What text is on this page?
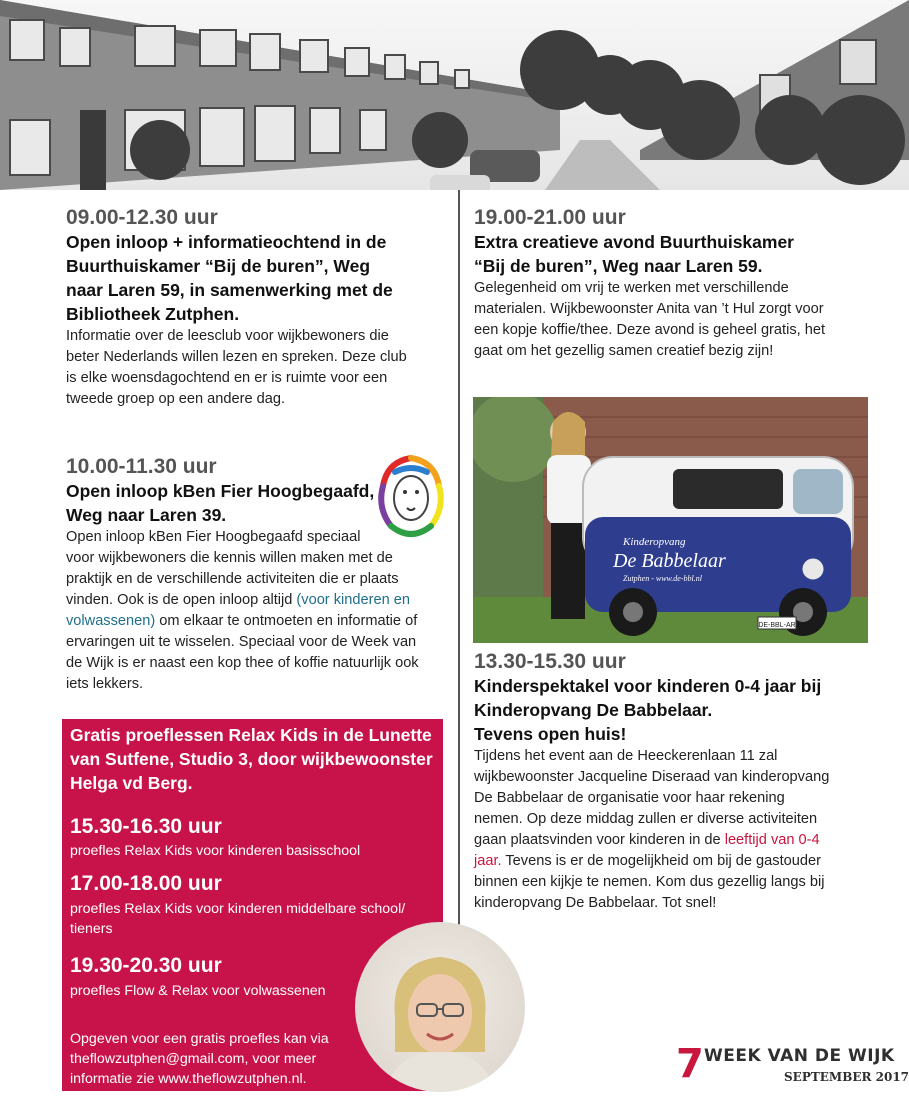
09.00-12.30 uur

Open inloop + informatieochtend in de

Buurthuiskamer “Bij de buren”, Weg

naar Laren 59, in samenwerking met de

Bibliotheek Zutphen.

Informatie over de leesclub voor wijkbewoners die

beter Nederlands willen lezen en spreken. Deze club

is elke woensdagochtend en er is ruimte voor een

tweede groep op een andere dag.

10.00-11.30 uur

Open inloop kBen Fier Hoogbegaafd,

Weg naar Laren 39.

Open inloop kBen Fier Hoogbegaafd speciaal

voor wijkbewoners die kennis willen maken met de

praktijk en de verschillende activiteiten die er plaats

vinden. Ook is de open inloop altijd (voor kinderen en

volwassenen) om elkaar te ontmoeten en informatie of

ervaringen uit te wisselen. Speciaal voor de Week van

de Wijk is er naast een kop thee of koffie natuurlijk ook

iets lekkers.

19.00-21.00 uur

Extra creatieve avond Buurthuiskamer

“Bij de buren”, Weg naar Laren 59.

Gelegenheid om vrij te werken met verschillende

materialen. Wijkbewoonster Anita van ’t Hul zorgt voor

een kopje koffie/thee. Deze avond is geheel gratis, het

gaat om het gezellig samen creatief bezig zijn!

DE-BBL-AR
Kinderopvang
De Babbelaar
Zutphen - www.de-bbl.nl

13.30-15.30 uur

Kinderspektakel voor kinderen 0-4 jaar bij

Kinderopvang De Babbelaar.

Tevens open huis!

Tijdens het event aan de Heeckerenlaan 11 zal

wijkbewoonster Jacqueline Diseraad van kinderopvang

De Babbelaar de organisatie voor haar rekening

nemen. Op deze middag zullen er diverse activiteiten

gaan plaatsvinden voor kinderen in de leeftijd van 0-4

jaar. Tevens is er de mogelijkheid om bij de gastouder

binnen een kijkje te nemen. Kom dus gezellig langs bij

kinderopvang De Babbelaar. Tot snel!

Gratis proeflessen Relax Kids in de Lunette
van Sutfene, Studio 3, door wijkbewoonster
Helga vd Berg.

15.30-16.30 uur

proefles Relax Kids voor kinderen basisschool

17.00-18.00 uur

proefles Relax Kids voor kinderen middelbare school/

tieners

19.30-20.30 uur

proefles Flow & Relax voor volwassenen

Opgeven voor een gratis proefles kan via

theflowzutphen@gmail.com, voor meer

informatie zie www.theflowzutphen.nl.	7 WEEK VAN DE WIJK
SEPTEMBER 2017
